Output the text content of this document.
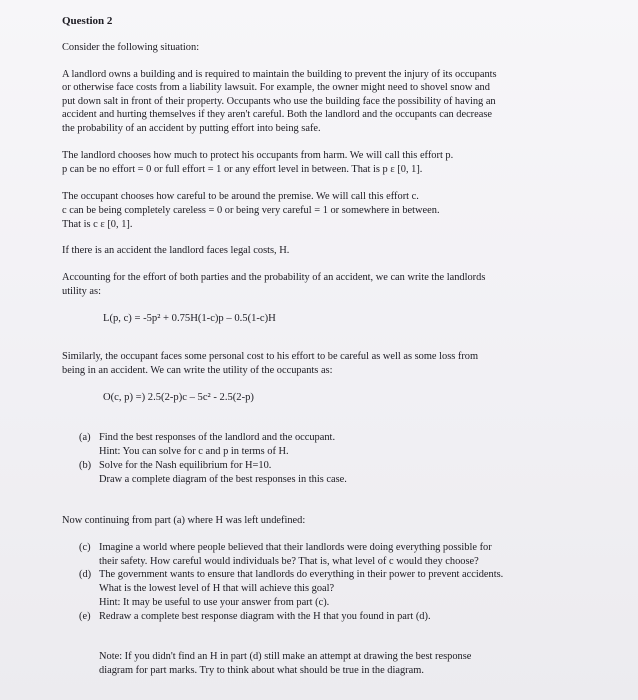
Question 2
Consider the following situation:
A landlord owns a building and is required to maintain the building to prevent the injury of its occupants
or otherwise face costs from a liability lawsuit. For example, the owner might need to shovel snow and
put down salt in front of their property. Occupants who use the building face the possibility of having an
accident and hurting themselves if they aren't careful. Both the landlord and the occupants can decrease
the probability of an accident by putting effort into being safe.
The landlord chooses how much to protect his occupants from harm. We will call this effort p.
p can be no effort = 0 or full effort = 1 or any effort level in between. That is p ε [0, 1].
The occupant chooses how careful to be around the premise. We will call this effort c.
c can be being completely careless = 0 or being very careful = 1 or somewhere in between.
That is c ε [0, 1].
If there is an accident the landlord faces legal costs, H.
Accounting for the effort of both parties and the probability of an accident, we can write the landlords
utility as:
L(p, c) = -5p² + 0.75H(1-c)p – 0.5(1-c)H
Similarly, the occupant faces some personal cost to his effort to be careful as well as some loss from
being in an accident. We can write the utility of the occupants as:
O(c, p) =) 2.5(2-p)c – 5c² - 2.5(2-p)
(a) Find the best responses of the landlord and the occupant.
Hint: You can solve for c and p in terms of H.
(b) Solve for the Nash equilibrium for H=10.
Draw a complete diagram of the best responses in this case.
Now continuing from part (a) where H was left undefined:
(c) Imagine a world where people believed that their landlords were doing everything possible for
their safety. How careful would individuals be? That is, what level of c would they choose?
(d) The government wants to ensure that landlords do everything in their power to prevent accidents.
What is the lowest level of H that will achieve this goal?
Hint: It may be useful to use your answer from part (c).
(e) Redraw a complete best response diagram with the H that you found in part (d).
Note: If you didn't find an H in part (d) still make an attempt at drawing the best response
diagram for part marks. Try to think about what should be true in the diagram.
